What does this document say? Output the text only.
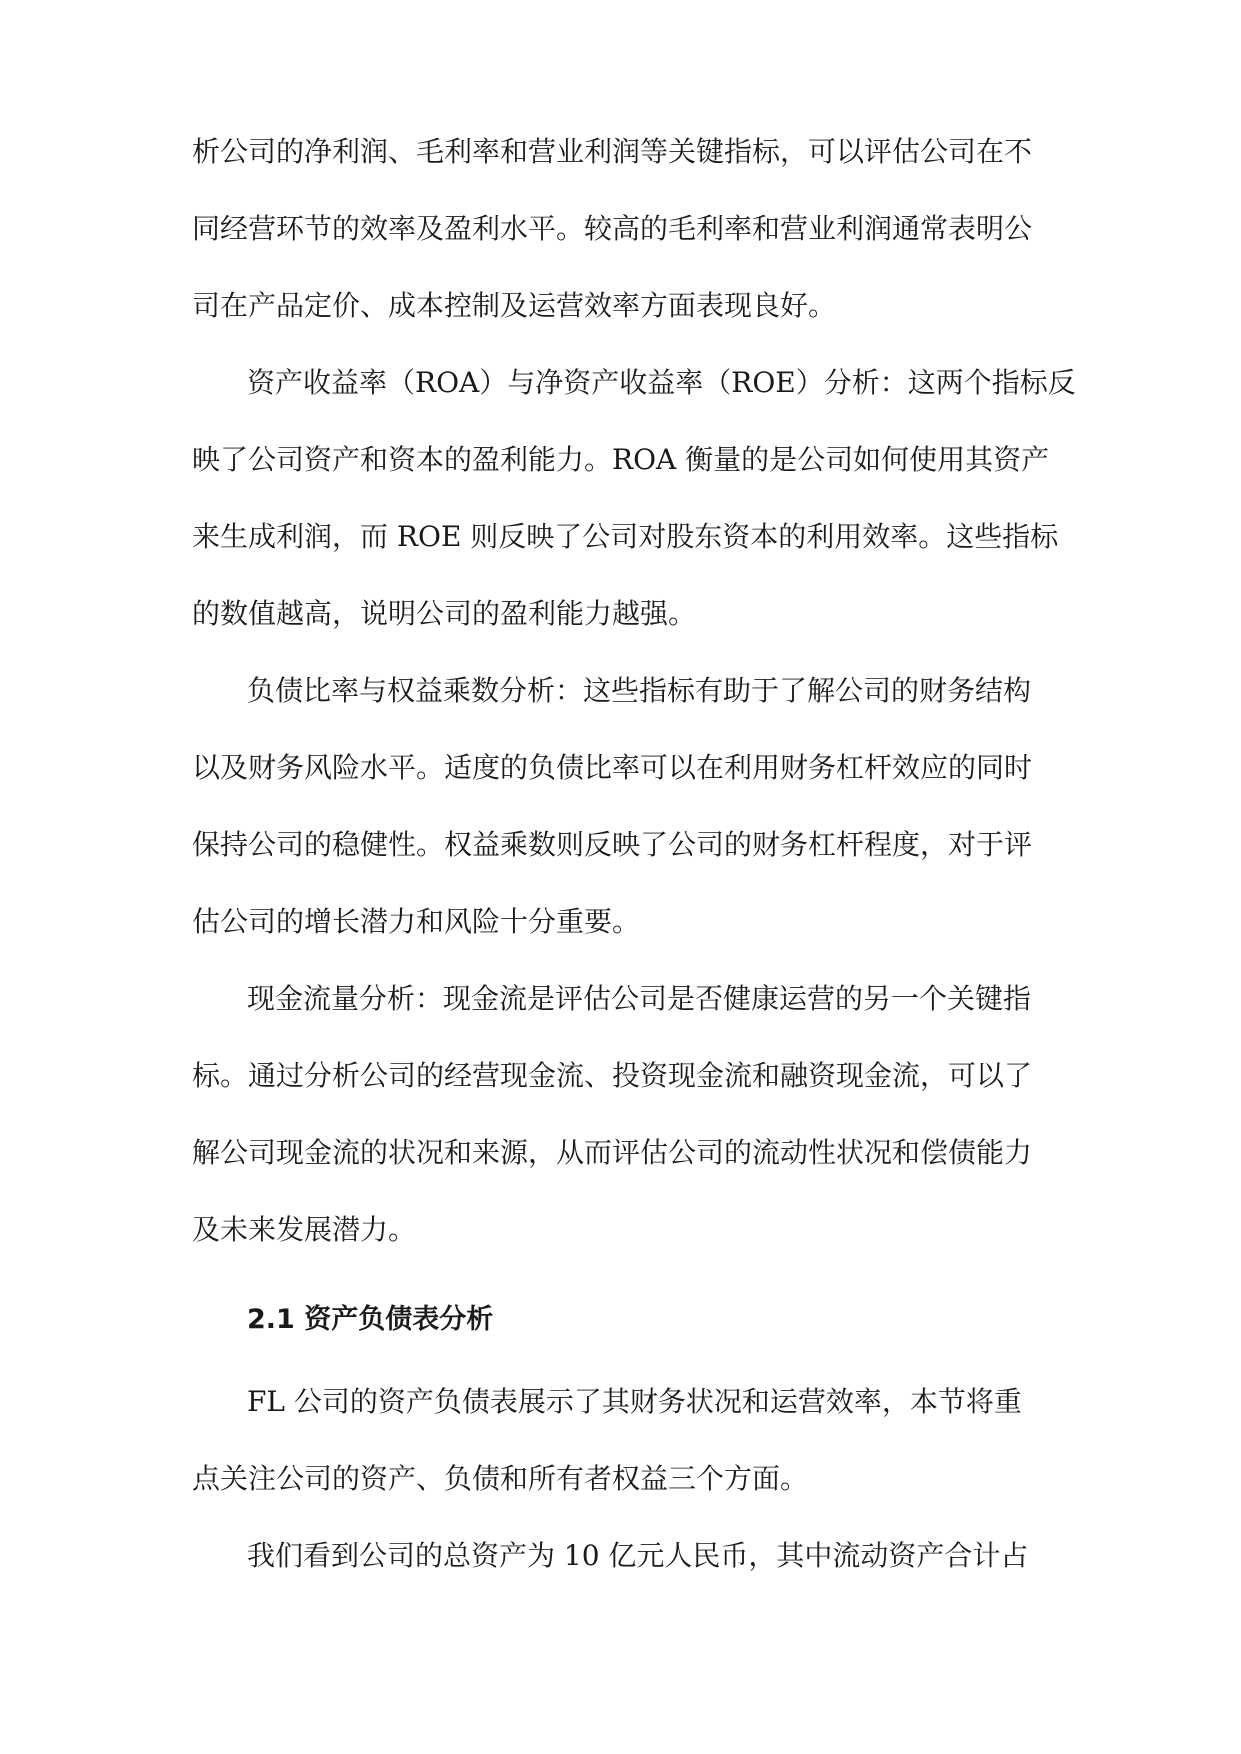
析公司的净利润、毛利率和营业利润等关键指标，可以评估公司在不
同经营环节的效率及盈利水平。较高的毛利率和营业利润通常表明公
司在产品定价、成本控制及运营效率方面表现良好。
资产收益率（ROA）与净资产收益率（ROE）分析：这两个指标反
映了公司资产和资本的盈利能力。ROA 衡量的是公司如何使用其资产
来生成利润，而 ROE 则反映了公司对股东资本的利用效率。这些指标
的数值越高，说明公司的盈利能力越强。
负债比率与权益乘数分析：这些指标有助于了解公司的财务结构
以及财务风险水平。适度的负债比率可以在利用财务杠杆效应的同时
保持公司的稳健性。权益乘数则反映了公司的财务杠杆程度，对于评
估公司的增长潜力和风险十分重要。
现金流量分析：现金流是评估公司是否健康运营的另一个关键指
标。通过分析公司的经营现金流、投资现金流和融资现金流，可以了
解公司现金流的状况和来源，从而评估公司的流动性状况和偿债能力
及未来发展潜力。
2.1 资产负债表分析
FL 公司的资产负债表展示了其财务状况和运营效率，本节将重
点关注公司的资产、负债和所有者权益三个方面。
我们看到公司的总资产为 10 亿元人民币，其中流动资产合计占
